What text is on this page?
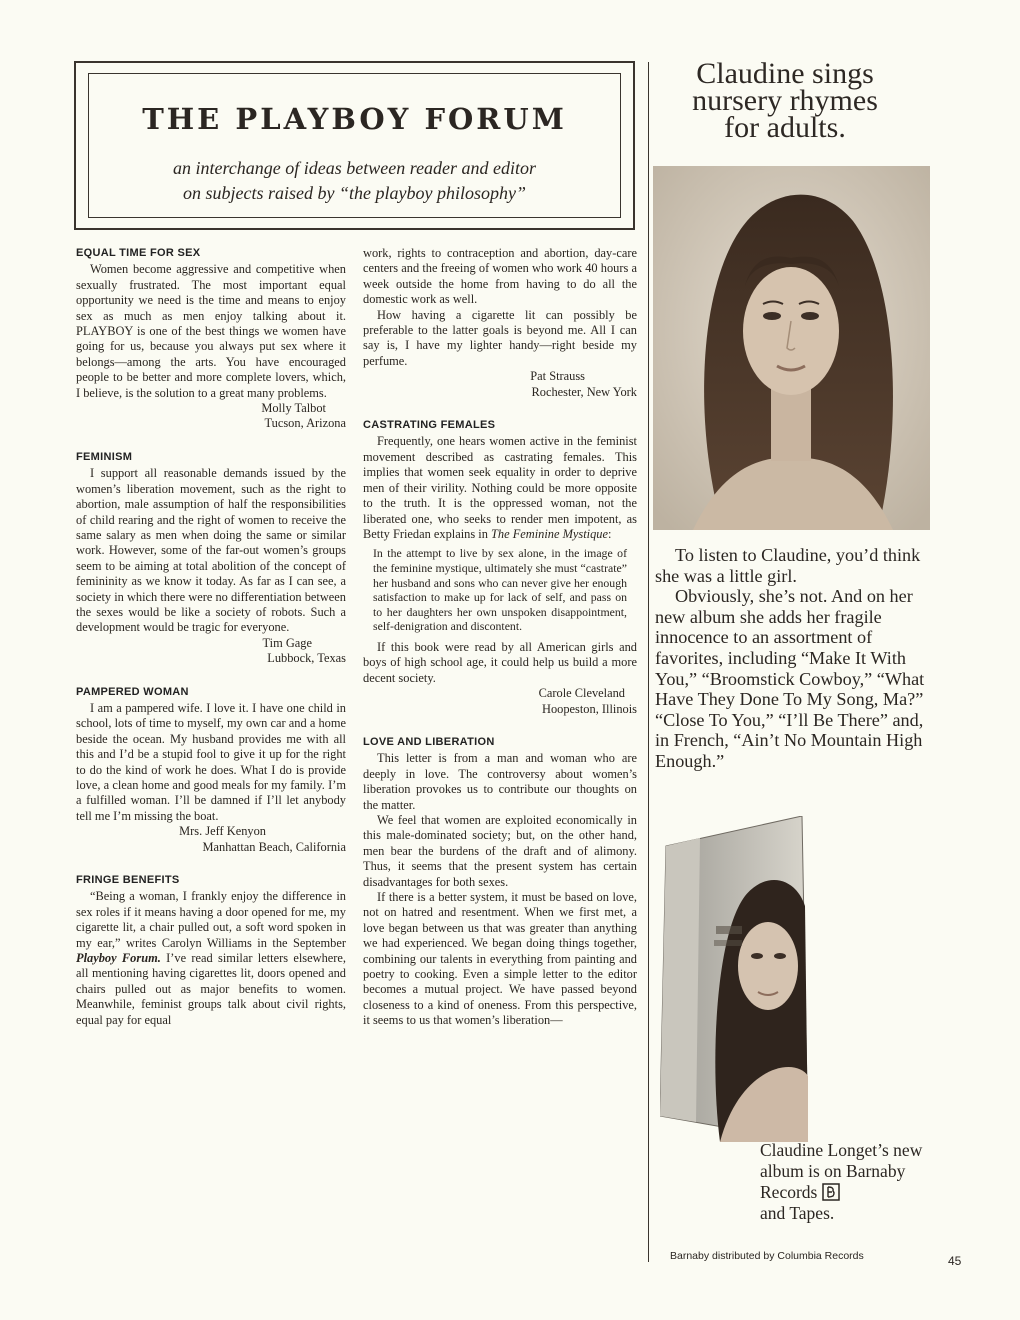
THE PLAYBOY FORUM
an interchange of ideas between reader and editor
on subjects raised by “the playboy philosophy”
EQUAL TIME FOR SEX

Women become aggressive and competitive when sexually frustrated. The most important equal opportunity we need is the time and means to enjoy sex as much as men enjoy talking about it. PLAYBOY is one of the best things we women have going for us, because you always put sex where it belongs—among the arts. You have encouraged people to be better and more complete lovers, which, I believe, is the solution to a great many problems.

Molly Talbot
Tucson, Arizona
FEMINISM

I support all reasonable demands issued by the women’s liberation movement, such as the right to abortion, male assumption of half the responsibilities of child rearing and the right of women to receive the same salary as men when doing the same or similar work. However, some of the far-out women’s groups seem to be aiming at total abolition of the concept of femininity as we know it today. As far as I can see, a society in which there were no differentiation between the sexes would be like a society of robots. Such a development would be tragic for everyone.

Tim Gage
Lubbock, Texas
PAMPERED WOMAN

I am a pampered wife. I love it. I have one child in school, lots of time to myself, my own car and a home beside the ocean. My husband provides me with all this and I’d be a stupid fool to give it up for the right to do the kind of work he does. What I do is provide love, a clean home and good meals for my family. I’m a fulfilled woman. I’ll be damned if I’ll let anybody tell me I’m missing the boat.

Mrs. Jeff Kenyon
Manhattan Beach, California
FRINGE BENEFITS

“Being a woman, I frankly enjoy the difference in sex roles if it means having a door opened for me, my cigarette lit, a chair pulled out, a soft word spoken in my ear,” writes Carolyn Williams in the September Playboy Forum. I’ve read similar letters elsewhere, all mentioning having cigarettes lit, doors opened and chairs pulled out as major benefits to women. Meanwhile, feminist groups talk about civil rights, equal pay for equal

work, rights to contraception and abortion, day-care centers and the freeing of women who work 40 hours a week outside the home from having to do all the domestic work as well.

How having a cigarette lit can possibly be preferable to the latter goals is beyond me. All I can say is, I have my lighter handy—right beside my perfume.

Pat Strauss
Rochester, New York
CASTRATING FEMALES

Frequently, one hears women active in the feminist movement described as castrating females. This implies that women seek equality in order to deprive men of their virility. Nothing could be more opposite to the truth. It is the oppressed woman, not the liberated one, who seeks to render men impotent, as Betty Friedan explains in The Feminine Mystique:

In the attempt to live by sex alone, in the image of the feminine mystique, ultimately she must “castrate” her husband and sons who can never give her enough satisfaction to make up for lack of self, and pass on to her daughters her own unspoken disappointment, self-denigration and discontent.

If this book were read by all American girls and boys of high school age, it could help us build a more decent society.

Carole Cleveland
Hoopeston, Illinois
LOVE AND LIBERATION

This letter is from a man and woman who are deeply in love. The controversy about women’s liberation provokes us to contribute our thoughts on the matter.

We feel that women are exploited economically in this male-dominated society; but, on the other hand, men bear the burdens of the draft and of alimony. Thus, it seems that the present system has certain disadvantages for both sexes.

If there is a better system, it must be based on love, not on hatred and resentment. When we first met, a love began between us that was greater than anything we had experienced. We began doing things together, combining our talents in everything from painting and poetry to cooking. Even a simple letter to the editor becomes a mutual project. We have passed beyond closeness to a kind of oneness. From this perspective, it seems to us that women’s liberation—

Claudine sings
nursery rhymes
for adults.

To listen to Claudine, you’d think she was a little girl.

Obviously, she’s not. And on her new album she adds her fragile innocence to an assortment of favorites, including “Make It With You,” “Broomstick Cowboy,” “What Have They Done To My Song, Ma?” “Close To You,” “I’ll Be There” and, in French, “Ain’t No Mountain High Enough.”

Claudine Longet’s new album is on Barnaby Records
and Tapes.
Barnaby distributed by Columbia Records	45
